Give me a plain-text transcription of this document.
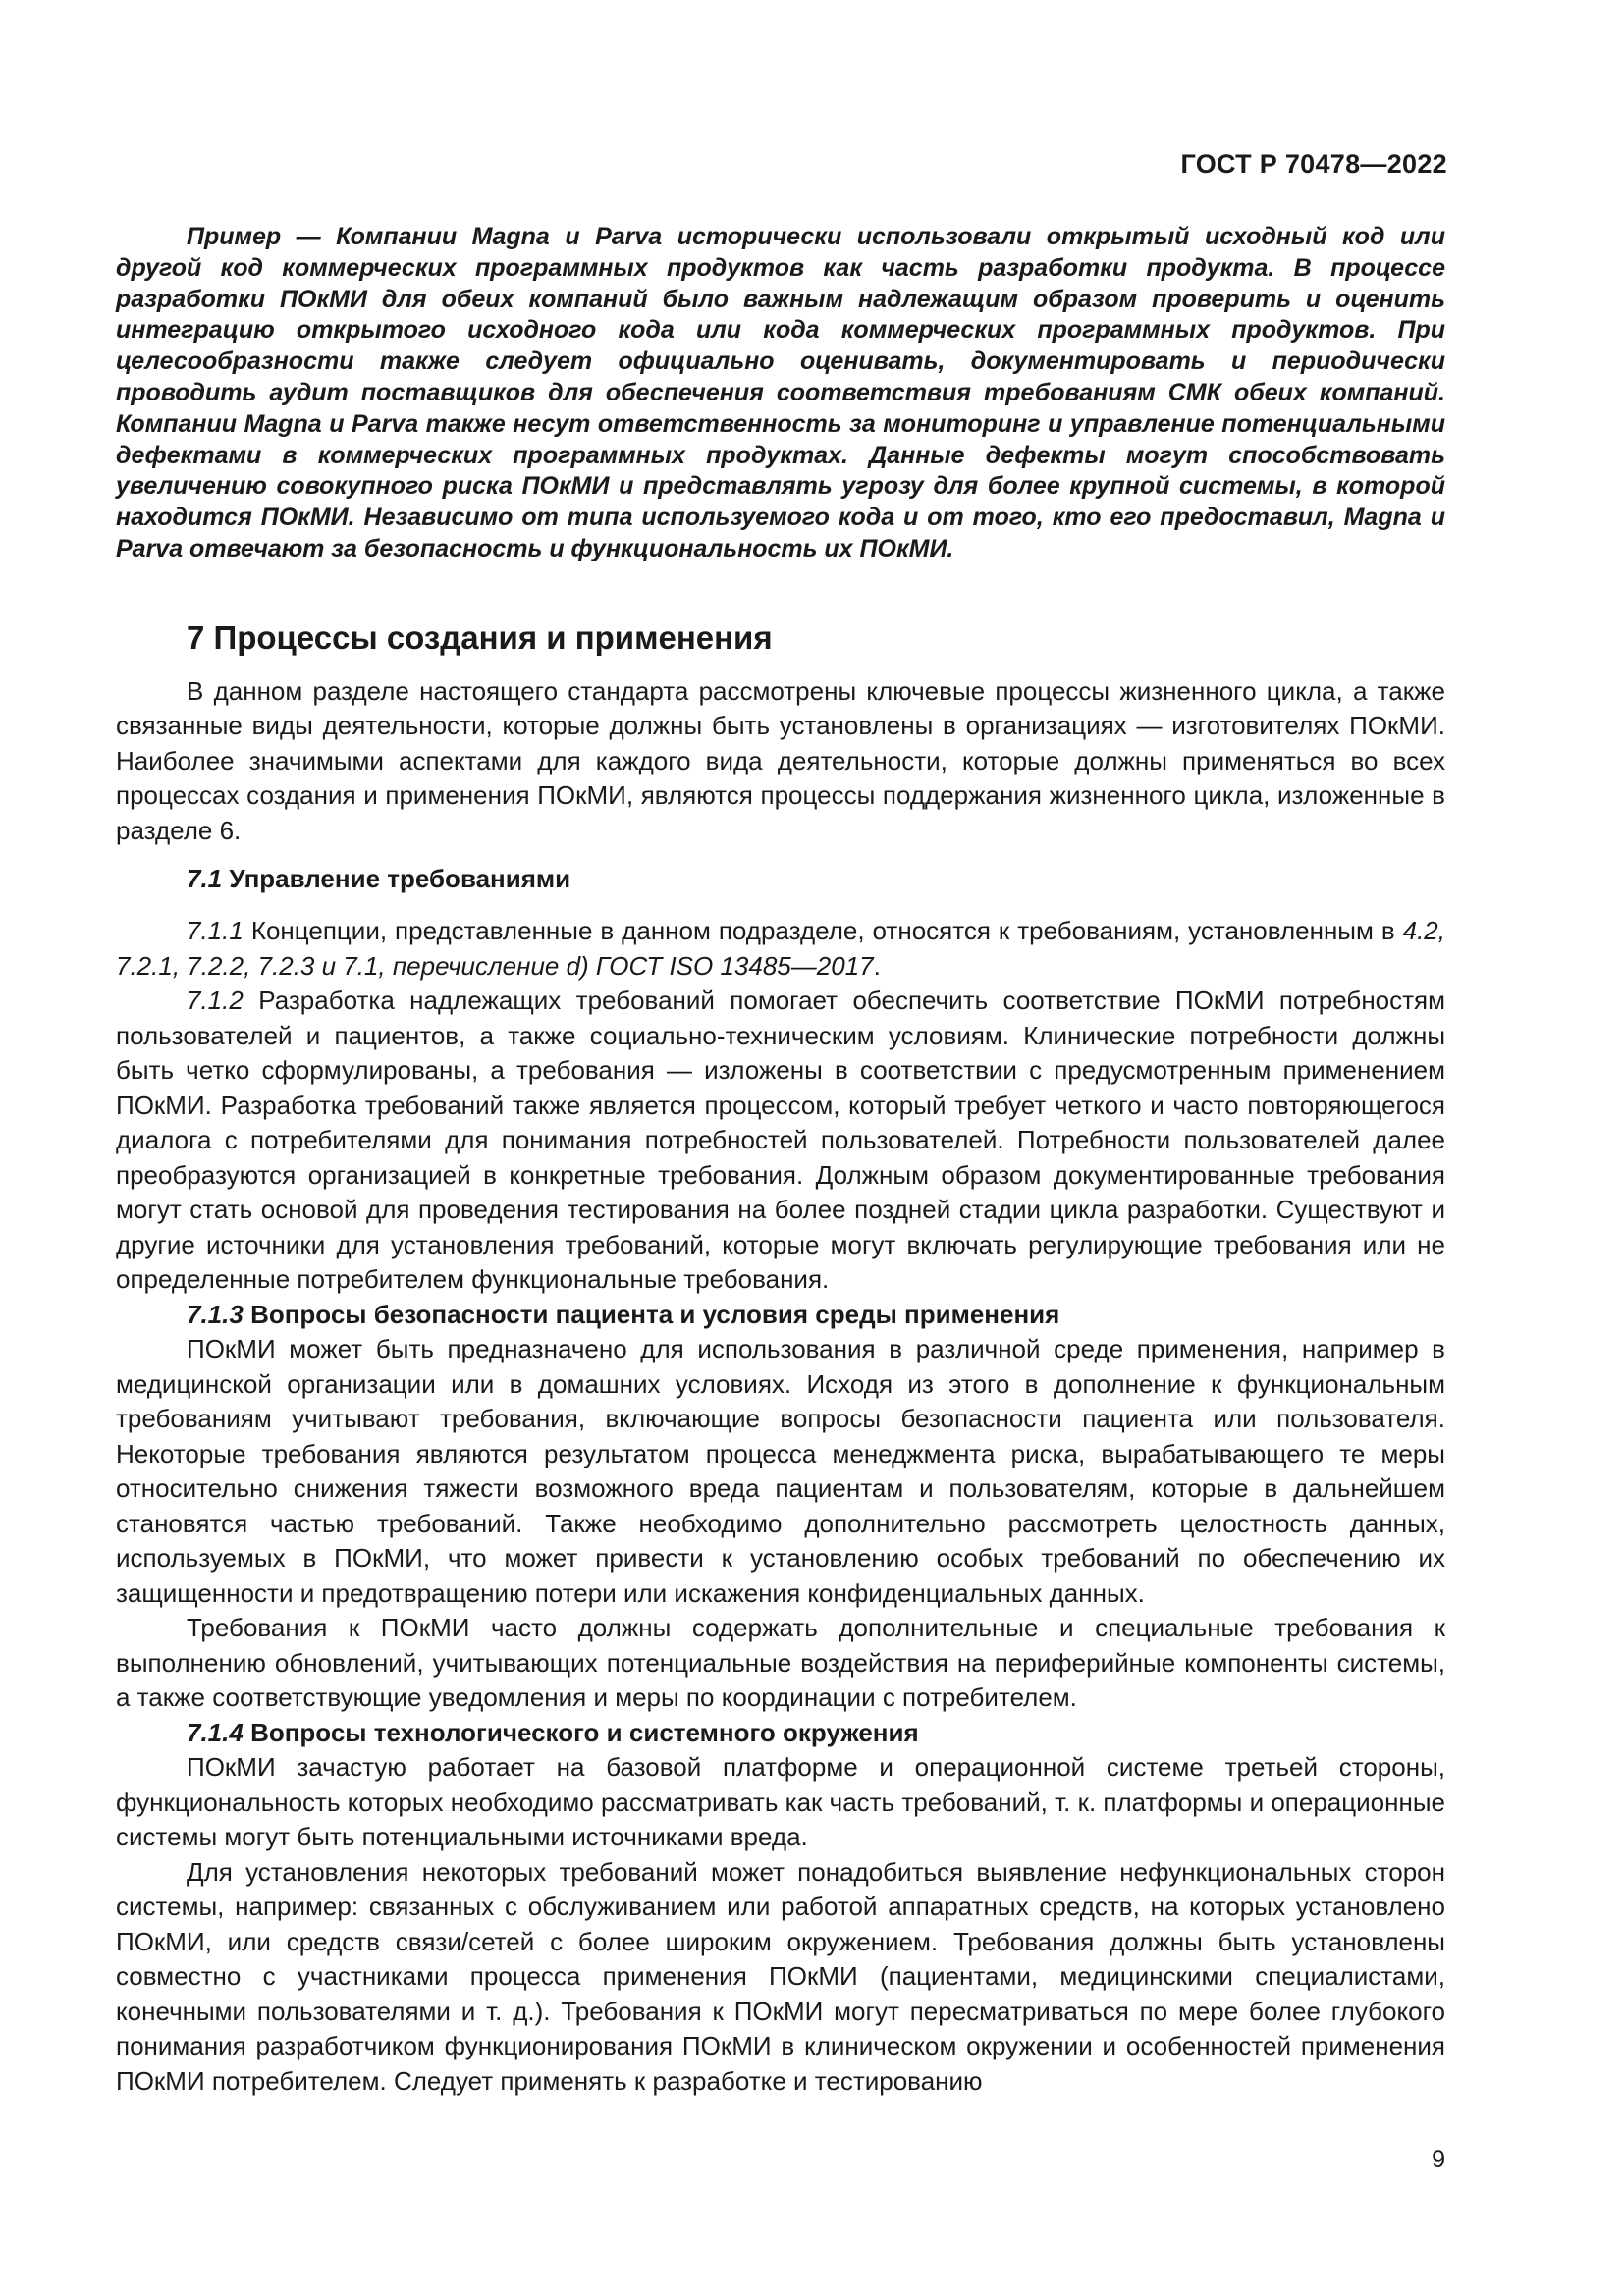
ГОСТ Р 70478—2022

Пример — Компании Magna и Parva исторически использовали открытый исходный код или другой код коммерческих программных продуктов как часть разработки продукта. В процессе разработки ПОкМИ для обеих компаний было важным надлежащим образом проверить и оценить интеграцию открытого исходного кода или кода коммерческих программных продуктов. При целесообразности также следует официально оценивать, документировать и периодически проводить аудит поставщиков для обеспечения соответствия требованиям СМК обеих компаний. Компании Magna и Parva также несут ответственность за мониторинг и управление потенциальными дефектами в коммерческих программных продуктах. Данные дефекты могут способствовать увеличению совокупного риска ПОкМИ и представлять угрозу для более крупной системы, в которой находится ПОкМИ. Независимо от типа используемого кода и от того, кто его предоставил, Magna и Parva отвечают за безопасность и функциональность их ПОкМИ.

7 Процессы создания и применения

В данном разделе настоящего стандарта рассмотрены ключевые процессы жизненного цикла, а также связанные виды деятельности, которые должны быть установлены в организациях — изготовителях ПОкМИ. Наиболее значимыми аспектами для каждого вида деятельности, которые должны применяться во всех процессах создания и применения ПОкМИ, являются процессы поддержания жизненного цикла, изложенные в разделе 6.

7.1 Управление требованиями

7.1.1 Концепции, представленные в данном подразделе, относятся к требованиям, установленным в 4.2, 7.2.1, 7.2.2, 7.2.3 и 7.1, перечисление d) ГОСТ ISO 13485—2017.

7.1.2 Разработка надлежащих требований помогает обеспечить соответствие ПОкМИ потребностям пользователей и пациентов, а также социально-техническим условиям. Клинические потребности должны быть четко сформулированы, а требования — изложены в соответствии с предусмотренным применением ПОкМИ. Разработка требований также является процессом, который требует четкого и часто повторяющегося диалога с потребителями для понимания потребностей пользователей. Потребности пользователей далее преобразуются организацией в конкретные требования. Должным образом документированные требования могут стать основой для проведения тестирования на более поздней стадии цикла разработки. Существуют и другие источники для установления требований, которые могут включать регулирующие требования или не определенные потребителем функциональные требования.

7.1.3 Вопросы безопасности пациента и условия среды применения

ПОкМИ может быть предназначено для использования в различной среде применения, например в медицинской организации или в домашних условиях. Исходя из этого в дополнение к функциональным требованиям учитывают требования, включающие вопросы безопасности пациента или пользователя. Некоторые требования являются результатом процесса менеджмента риска, вырабатывающего те меры относительно снижения тяжести возможного вреда пациентам и пользователям, которые в дальнейшем становятся частью требований. Также необходимо дополнительно рассмотреть целостность данных, используемых в ПОкМИ, что может привести к установлению особых требований по обеспечению их защищенности и предотвращению потери или искажения конфиденциальных данных.

Требования к ПОкМИ часто должны содержать дополнительные и специальные требования к выполнению обновлений, учитывающих потенциальные воздействия на периферийные компоненты системы, а также соответствующие уведомления и меры по координации с потребителем.

7.1.4 Вопросы технологического и системного окружения

ПОкМИ зачастую работает на базовой платформе и операционной системе третьей стороны, функциональность которых необходимо рассматривать как часть требований, т. к. платформы и операционные системы могут быть потенциальными источниками вреда.

Для установления некоторых требований может понадобиться выявление нефункциональных сторон системы, например: связанных с обслуживанием или работой аппаратных средств, на которых установлено ПОкМИ, или средств связи/сетей с более широким окружением. Требования должны быть установлены совместно с участниками процесса применения ПОкМИ (пациентами, медицинскими специалистами, конечными пользователями и т. д.). Требования к ПОкМИ могут пересматриваться по мере более глубокого понимания разработчиком функционирования ПОкМИ в клиническом окружении и особенностей применения ПОкМИ потребителем. Следует применять к разработке и тестированию

9
